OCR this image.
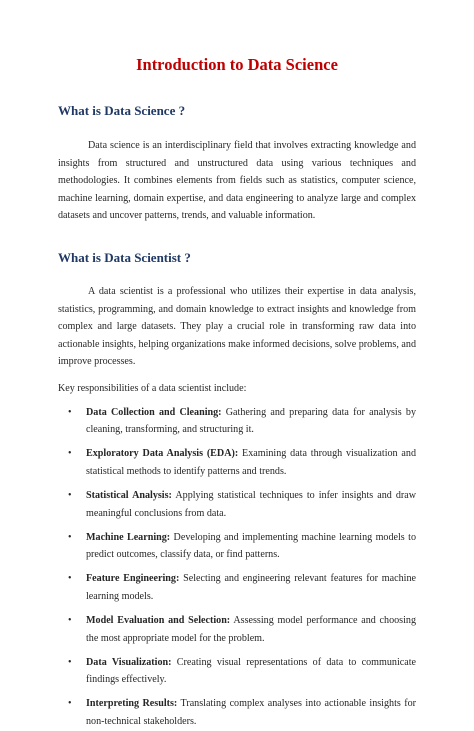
Introduction to Data Science
What is Data Science ?

Data science is an interdisciplinary field that involves extracting knowledge and insights from structured and unstructured data using various techniques and methodologies. It combines elements from fields such as statistics, computer science, machine learning, domain expertise, and data engineering to analyze large and complex datasets and uncover patterns, trends, and valuable information.

What is Data Scientist ?

A data scientist is a professional who utilizes their expertise in data analysis, statistics, programming, and domain knowledge to extract insights and knowledge from complex and large datasets. They play a crucial role in transforming raw data into actionable insights, helping organizations make informed decisions, solve problems, and improve processes.

Key responsibilities of a data scientist include:

• Data Collection and Cleaning: Gathering and preparing data for analysis by cleaning, transforming, and structuring it.
• Exploratory Data Analysis (EDA): Examining data through visualization and statistical methods to identify patterns and trends.
• Statistical Analysis: Applying statistical techniques to infer insights and draw meaningful conclusions from data.
• Machine Learning: Developing and implementing machine learning models to predict outcomes, classify data, or find patterns.
• Feature Engineering: Selecting and engineering relevant features for machine learning models.
• Model Evaluation and Selection: Assessing model performance and choosing the most appropriate model for the problem.
• Data Visualization: Creating visual representations of data to communicate findings effectively.
• Interpreting Results: Translating complex analyses into actionable insights for non-technical stakeholders.
